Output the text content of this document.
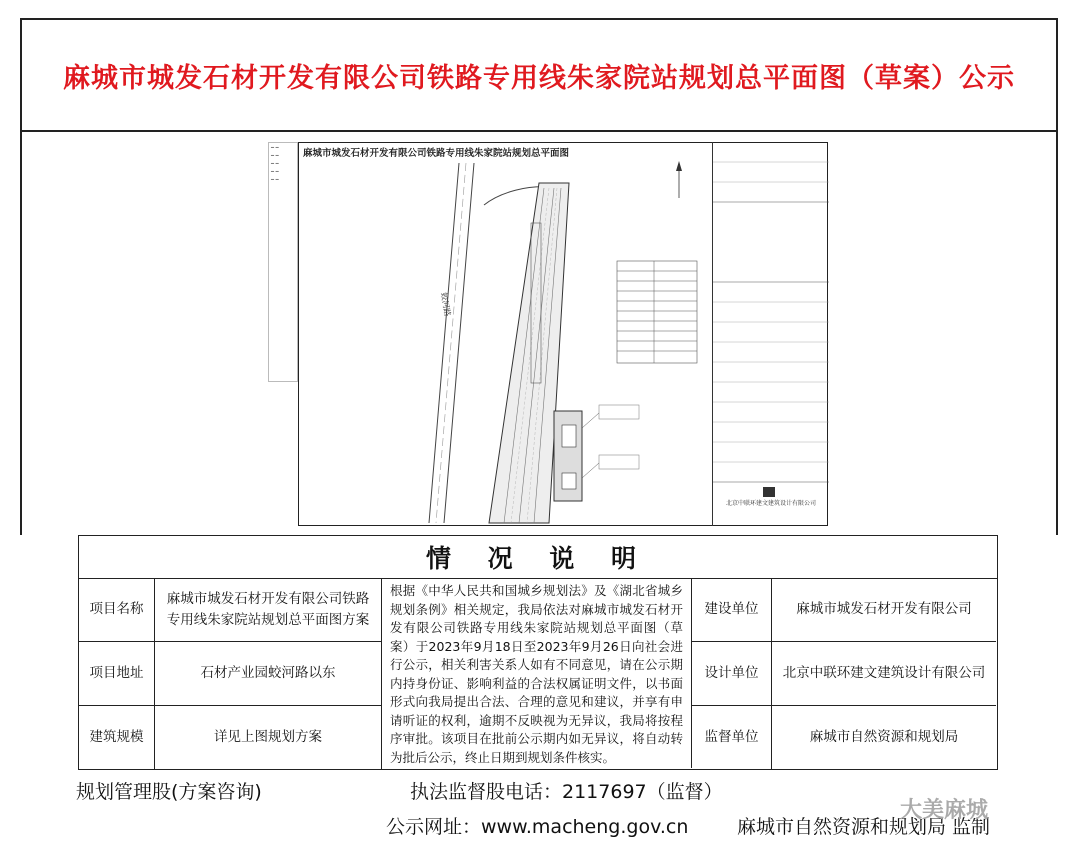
麻城市城发石材开发有限公司铁路专用线朱家院站规划总平面图（草案）公示
━ ━
━ ━
━ ━
━ ━
━ ━
麻城市城发石材开发有限公司铁路专用线朱家院站规划总平面图
蛟河路
北京中联环建文建筑设计有限公司
情 况 说 明
项目名称
麻城市城发石材开发有限公司铁路专用线朱家院站规划总平面图方案
项目地址	石材产业园蛟河路以东
建筑规模	详见上图规划方案
根据《中华人民共和国城乡规划法》及《湖北省城乡规划条例》相关规定，我局依法对麻城市城发石材开发有限公司铁路专用线朱家院站规划总平面图（草案）于2023年9月18日至2023年9月26日向社会进行公示，相关利害关系人如有不同意见，请在公示期内持身份证、影响利益的合法权属证明文件，以书面形式向我局提出合法、合理的意见和建议，并享有申请听证的权利，逾期不反映视为无异议，我局将按程序审批。该项目在批前公示期内如无异议，将自动转为批后公示，终止日期到规划条件核实。
建设单位	麻城市城发石材开发有限公司
设计单位	北京中联环建文建筑设计有限公司
监督单位	麻城市自然资源和规划局
规划管理股(方案咨询)	执法监督股电话：2117697（监督）
公示网址：www.macheng.gov.cn	麻城市自然资源和规划局 监制
大美麻城
